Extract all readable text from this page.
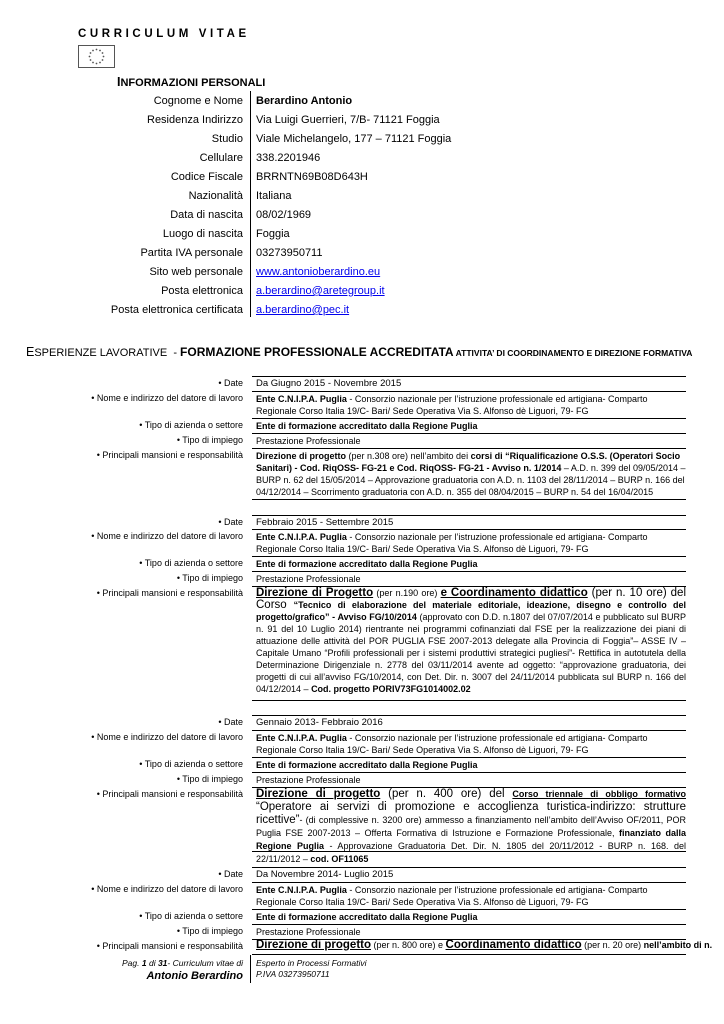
CURRICULUM VITAE
INFORMAZIONI PERSONALI
Cognome e Nome Berardino Antonio
Residenza Indirizzo Via Luigi Guerrieri, 7/B- 71121 Foggia
Studio Viale Michelangelo, 177 – 71121 Foggia
Cellulare 338.2201946
Codice Fiscale BRRNTN69B08D643H
Nazionalità Italiana
Data di nascita 08/02/1969
Luogo di nascita Foggia
Partita IVA personale 03273950711
Sito web personale www.antonioberardino.eu
Posta elettronica a.berardino@aretegroup.it
Posta elettronica certificata a.berardino@pec.it
ESPERIENZE LAVORATIVE  - FORMAZIONE PROFESSIONALE ACCREDITATA ATTIVITA’ DI COORDINAMENTO E DIREZIONE FORMATIVA
• Date Da Giugno 2015 - Novembre 2015
• Nome e indirizzo del datore di lavoro Ente C.N.I.P.A. Puglia - Consorzio nazionale per l’istruzione professionale ed artigiana- Comparto Regionale Corso Italia 19/C- Bari/ Sede Operativa Via S. Alfonso dè Liguori, 79- FG
• Tipo di azienda o settore Ente di formazione accreditato dalla Regione Puglia
• Tipo di impiego Prestazione Professionale
• Principali mansioni e responsabilità Direzione di progetto (per n.308 ore) nell’ambito dei corsi di “Riqualificazione O.S.S. (Operatori Socio Sanitari) - Cod. RiqOSS- FG-21 e Cod. RiqOSS- FG-21 - Avviso n. 1/2014 – A.D. n. 399 del 09/05/2014 – BURP n. 62 del 15/05/2014 – Approvazione graduatoria con A.D. n. 1103 del 28/11/2014 – BURP n. 166 del 04/12/2014 – Scorrimento graduatoria con A.D. n. 355 del 08/04/2015 – BURP n. 54 del 16/04/2015
• Date Febbraio 2015 - Settembre 2015
• Nome e indirizzo del datore di lavoro Ente C.N.I.P.A. Puglia - Consorzio nazionale per l’istruzione professionale ed artigiana- Comparto Regionale Corso Italia 19/C- Bari/ Sede Operativa Via S. Alfonso dè Liguori, 79- FG
• Tipo di azienda o settore Ente di formazione accreditato dalla Regione Puglia
• Tipo di impiego Prestazione Professionale
• Principali mansioni e responsabilità Direzione di Progetto (per n.190 ore) e Coordinamento didattico (per n. 10 ore) del Corso “Tecnico di elaborazione del materiale editoriale, ideazione, disegno e controllo del progetto/grafico” - Avviso FG/10/2014 (approvato con D.D. n.1807 del 07/07/2014 e pubblicato sul BURP n. 91 del 10 Luglio 2014) rientrante nei programmi cofinanziati dal FSE per la realizzazione dei piani di attuazione delle attività del POR PUGLIA FSE 2007-2013 delegate alla Provincia di Foggia”– ASSE IV – Capitale Umano “Profili professionali per i sistemi produttivi strategici pugliesi”- Rettifica in autotutela della Determinazione Dirigenziale n. 2778 del 03/11/2014 avente ad oggetto: “approvazione graduatoria, dei progetti di cui all’avviso FG/10/2014, con Det. Dir. n. 3007 del 24/11/2014 pubblicata sul BURP n. 166 del 04/12/2014 – Cod. progetto PORIV73FG1014002.02
• Date Gennaio 2013- Febbraio 2016
• Nome e indirizzo del datore di lavoro Ente C.N.I.P.A. Puglia - Consorzio nazionale per l’istruzione professionale ed artigiana- Comparto Regionale Corso Italia 19/C- Bari/ Sede Operativa Via S. Alfonso dè Liguori, 79- FG
• Tipo di azienda o settore Ente di formazione accreditato dalla Regione Puglia
• Tipo di impiego Prestazione Professionale
• Principali mansioni e responsabilità Direzione di progetto (per n. 400 ore) del Corso triennale di obbligo formativo “Operatore ai servizi di promozione e accoglienza turistica-indirizzo: strutture ricettive”- (di complessive n. 3200 ore) ammesso a finanziamento nell’ambito dell’Avviso OF/2011, POR Puglia FSE 2007-2013 – Offerta Formativa di Istruzione e Formazione Professionale, finanziato dalla Regione Puglia - Approvazione Graduatoria Det. Dir. N. 1805 del 20/11/2012 - BURP n. 168. del 22/11/2012 – cod. OF11065
• Date Da Novembre 2014- Luglio 2015
• Nome e indirizzo del datore di lavoro Ente C.N.I.P.A. Puglia - Consorzio nazionale per l’istruzione professionale ed artigiana- Comparto Regionale Corso Italia 19/C- Bari/ Sede Operativa Via S. Alfonso dè Liguori, 79- FG
• Tipo di azienda o settore Ente di formazione accreditato dalla Regione Puglia
• Tipo di impiego Prestazione Professionale
• Principali mansioni e responsabilità Direzione di progetto (per n. 800 ore) e Coordinamento didattico (per n. 20 ore) nell’ambito di n.
Pag. 1 di 31- Curriculum vitae di
Antonio Berardino
Esperto in Processi Formativi
P.IVA 03273950711
